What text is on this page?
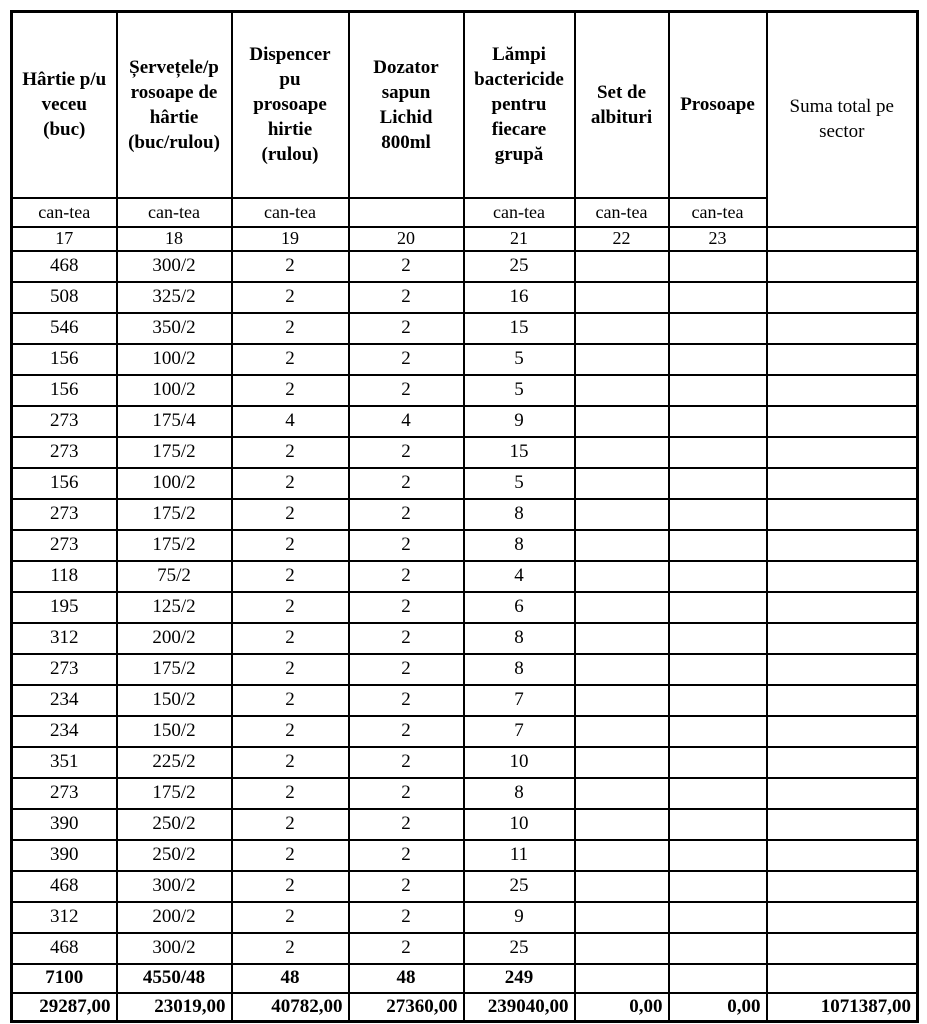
Hârtie p/u
veceu
(buc)	Șervețele/p
rosoape de
hârtie
(buc/rulou)	Dispencer
pu
prosoape
hirtie
(rulou)	Dozator
sapun
Lichid
800ml	Lămpi
bactericide
pentru
fiecare
grupă	Set de
albituri	Prosoape	Suma total pe
sector
can-tea	can-tea	can-tea		can-tea	can-tea	can-tea	
17	18	19	20	21	22	23	
468	300/2	2	2	25			
508	325/2	2	2	16			
546	350/2	2	2	15			
156	100/2	2	2	5			
156	100/2	2	2	5			
273	175/4	4	4	9			
273	175/2	2	2	15			
156	100/2	2	2	5			
273	175/2	2	2	8			
273	175/2	2	2	8			
118	75/2	2	2	4			
195	125/2	2	2	6			
312	200/2	2	2	8			
273	175/2	2	2	8			
234	150/2	2	2	7			
234	150/2	2	2	7			
351	225/2	2	2	10			
273	175/2	2	2	8			
390	250/2	2	2	10			
390	250/2	2	2	11			
468	300/2	2	2	25			
312	200/2	2	2	9			
468	300/2	2	2	25			
7100	4550/48	48	48	249			
29287,00	23019,00	40782,00	27360,00	239040,00	0,00	0,00	1071387,00
